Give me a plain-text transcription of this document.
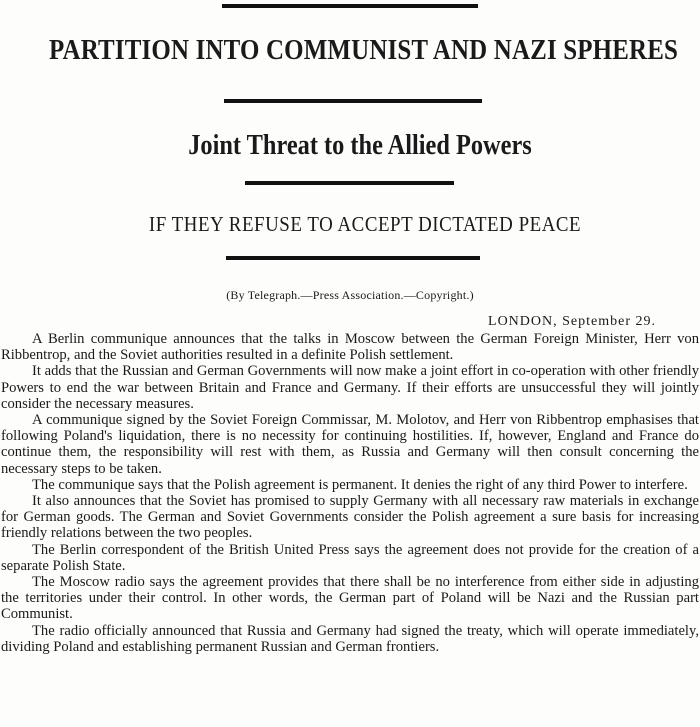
PARTITION INTO COMMUNIST AND NAZI SPHERES
Joint Threat to the Allied Powers
IF THEY REFUSE TO ACCEPT DICTATED PEACE
(By Telegraph.—Press Association.—Copyright.)
LONDON, September 29.

A Berlin communique announces that the talks in Moscow between the German Foreign Minister, Herr von Ribbentrop, and the Soviet authorities resulted in a definite Polish settlement.

It adds that the Russian and German Governments will now make a joint effort in co-operation with other friendly Powers to end the war between Britain and France and Germany. If their efforts are unsuccessful they will jointly consider the necessary measures.

A communique signed by the Soviet Foreign Commissar, M. Molotov, and Herr von Ribbentrop emphasises that following Poland's liquidation, there is no necessity for continuing hostilities. If, however, England and France do continue them, the responsibility will rest with them, as Russia and Germany will then consult concerning the necessary steps to be taken.

The communique says that the Polish agreement is permanent. It denies the right of any third Power to interfere.

It also announces that the Soviet has promised to supply Germany with all necessary raw materials in exchange for German goods. The German and Soviet Governments consider the Polish agreement a sure basis for increasing friendly relations between the two peoples.

The Berlin correspondent of the British United Press says the agreement does not provide for the creation of a separate Polish State.

The Moscow radio says the agreement provides that there shall be no interference from either side in adjusting the territories under their control. In other words, the German part of Poland will be Nazi and the Russian part Communist.

The radio officially announced that Russia and Germany had signed the treaty, which will operate immediately, dividing Poland and establishing permanent Russian and German frontiers.
